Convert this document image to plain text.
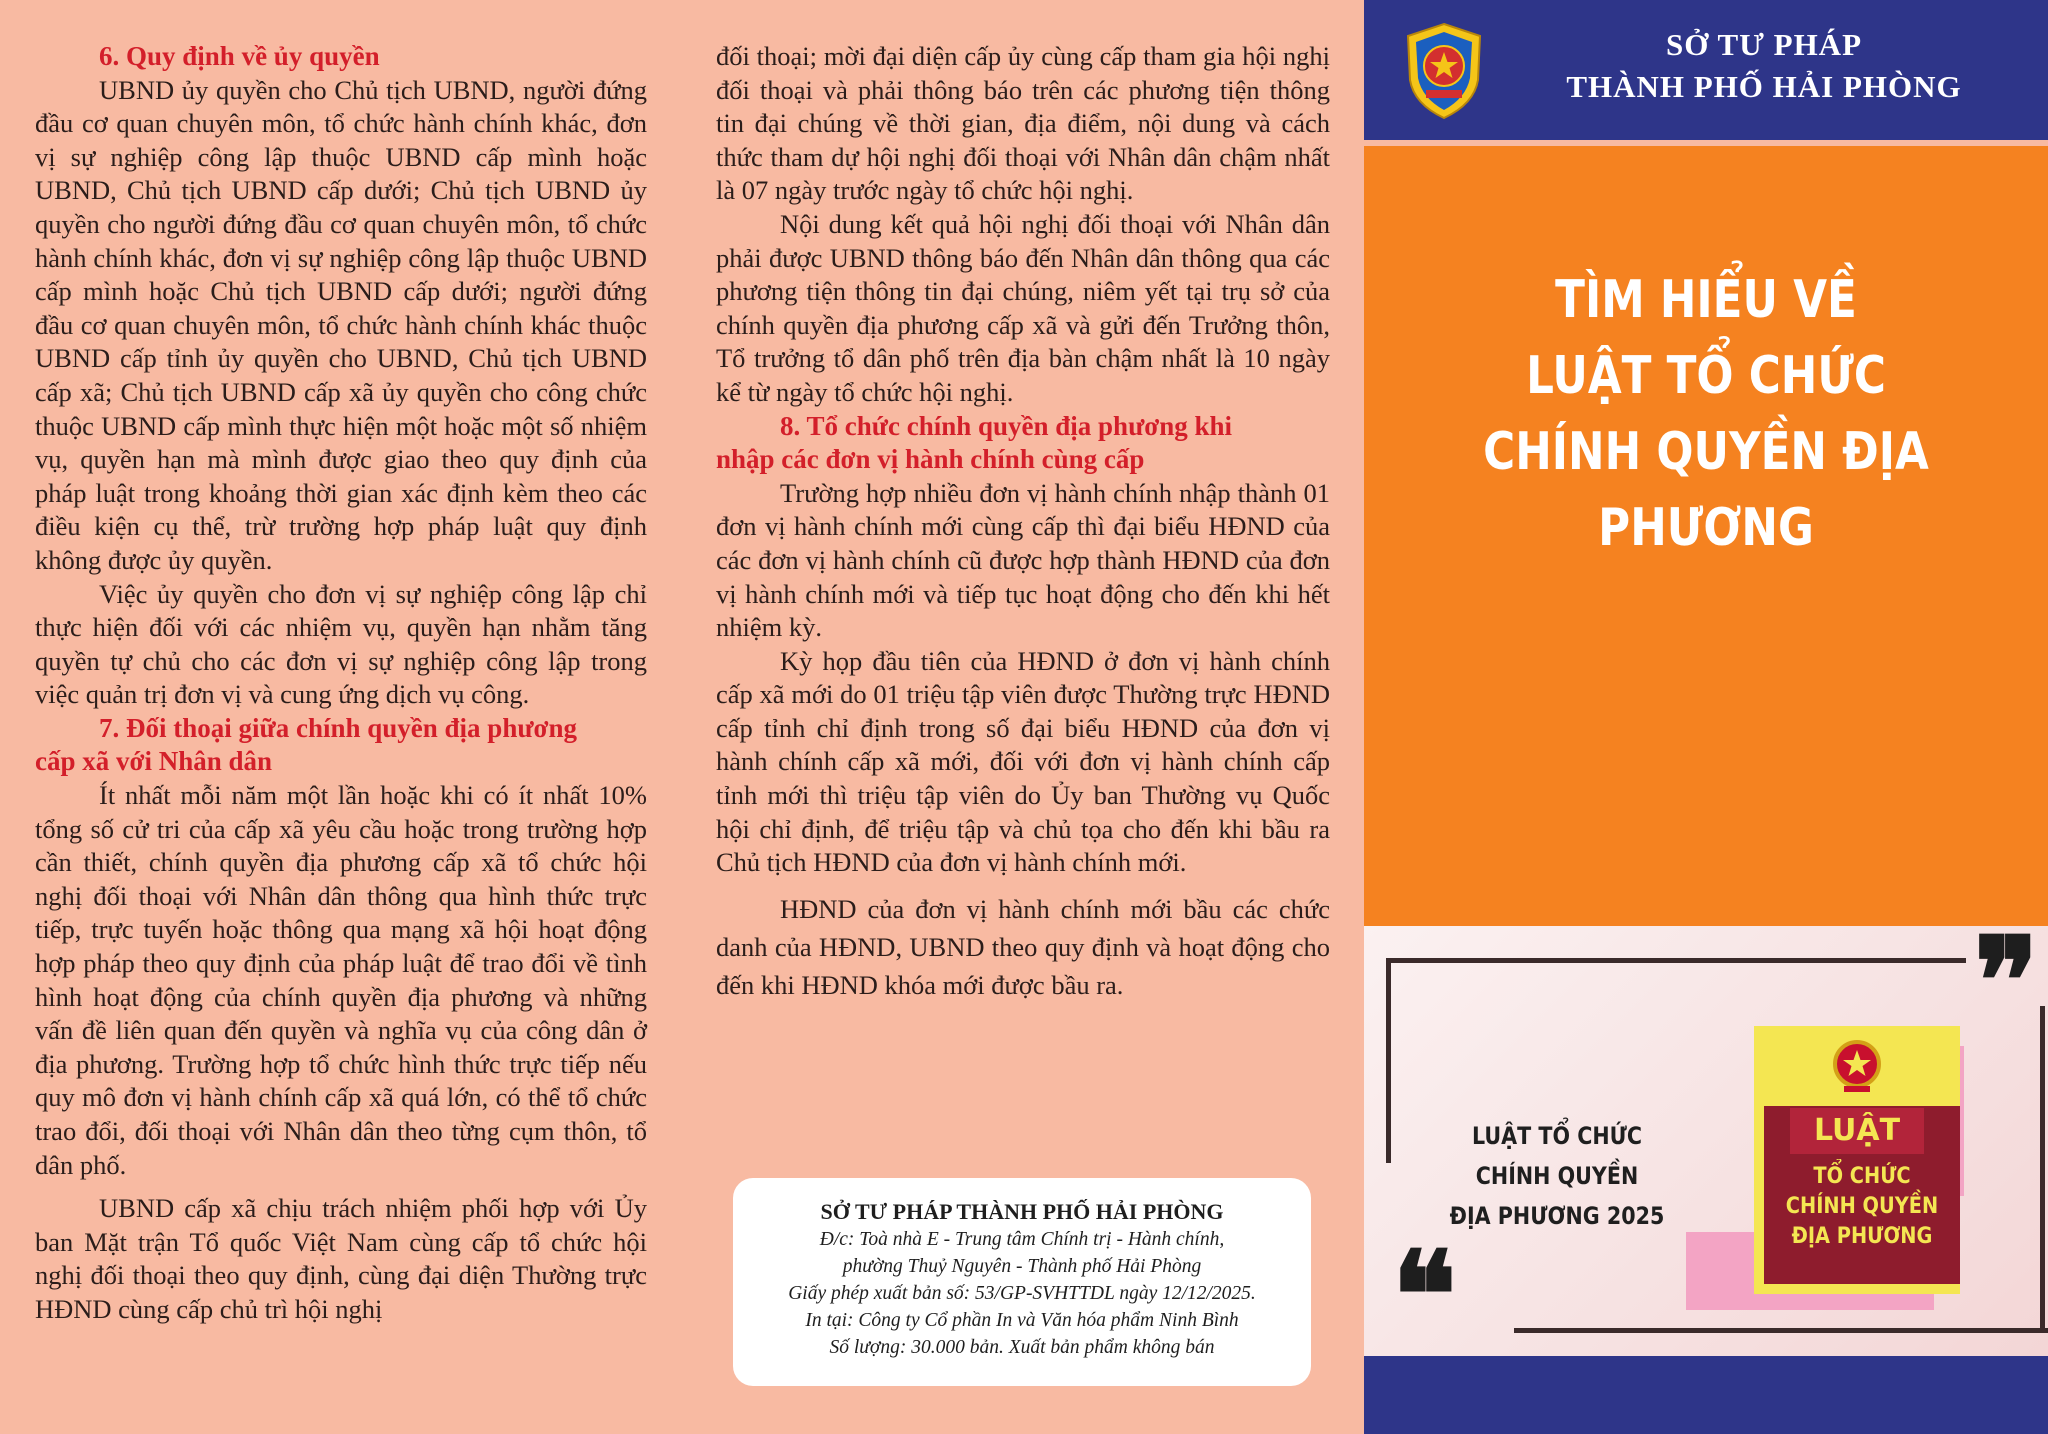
6. Quy định về ủy quyền

UBND ủy quyền cho Chủ tịch UBND, người đứng đầu cơ quan chuyên môn, tổ chức hành chính khác, đơn vị sự nghiệp công lập thuộc UBND cấp mình hoặc UBND, Chủ tịch UBND cấp dưới; Chủ tịch UBND ủy quyền cho người đứng đầu cơ quan chuyên môn, tổ chức hành chính khác, đơn vị sự nghiệp công lập thuộc UBND cấp mình hoặc Chủ tịch UBND cấp dưới; người đứng đầu cơ quan chuyên môn, tổ chức hành chính khác thuộc UBND cấp tỉnh ủy quyền cho UBND, Chủ tịch UBND cấp xã; Chủ tịch UBND cấp xã ủy quyền cho công chức thuộc UBND cấp mình thực hiện một hoặc một số nhiệm vụ, quyền hạn mà mình được giao theo quy định của pháp luật trong khoảng thời gian xác định kèm theo các điều kiện cụ thể, trừ trường hợp pháp luật quy định không được ủy quyền.

Việc ủy quyền cho đơn vị sự nghiệp công lập chỉ thực hiện đối với các nhiệm vụ, quyền hạn nhằm tăng quyền tự chủ cho các đơn vị sự nghiệp công lập trong việc quản trị đơn vị và cung ứng dịch vụ công.

7. Đối thoại giữa chính quyền địa phương
cấp xã với Nhân dân

Ít nhất mỗi năm một lần hoặc khi có ít nhất 10% tổng số cử tri của cấp xã yêu cầu hoặc trong trường hợp cần thiết, chính quyền địa phương cấp xã tổ chức hội nghị đối thoại với Nhân dân thông qua hình thức trực tiếp, trực tuyến hoặc thông qua mạng xã hội hoạt động hợp pháp theo quy định của pháp luật để trao đổi về tình hình hoạt động của chính quyền địa phương và những vấn đề liên quan đến quyền và nghĩa vụ của công dân ở địa phương. Trường hợp tổ chức hình thức trực tiếp nếu quy mô đơn vị hành chính cấp xã quá lớn, có thể tổ chức trao đổi, đối thoại với Nhân dân theo từng cụm thôn, tổ dân phố.

UBND cấp xã chịu trách nhiệm phối hợp với Ủy ban Mặt trận Tổ quốc Việt Nam cùng cấp tổ chức hội nghị đối thoại theo quy định, cùng đại diện Thường trực HĐND cùng cấp chủ trì hội nghị

đối thoại; mời đại diện cấp ủy cùng cấp tham gia hội nghị đối thoại và phải thông báo trên các phương tiện thông tin đại chúng về thời gian, địa điểm, nội dung và cách thức tham dự hội nghị đối thoại với Nhân dân chậm nhất là 07 ngày trước ngày tổ chức hội nghị.

Nội dung kết quả hội nghị đối thoại với Nhân dân phải được UBND thông báo đến Nhân dân thông qua các phương tiện thông tin đại chúng, niêm yết tại trụ sở của chính quyền địa phương cấp xã và gửi đến Trưởng thôn, Tổ trưởng tổ dân phố trên địa bàn chậm nhất là 10 ngày kể từ ngày tổ chức hội nghị.

8. Tổ chức chính quyền địa phương khi
nhập các đơn vị hành chính cùng cấp

Trường hợp nhiều đơn vị hành chính nhập thành 01 đơn vị hành chính mới cùng cấp thì đại biểu HĐND của các đơn vị hành chính cũ được hợp thành HĐND của đơn vị hành chính mới và tiếp tục hoạt động cho đến khi hết nhiệm kỳ.

Kỳ họp đầu tiên của HĐND ở đơn vị hành chính cấp xã mới do 01 triệu tập viên được Thường trực HĐND cấp tỉnh chỉ định trong số đại biểu HĐND của đơn vị hành chính cấp xã mới, đối với đơn vị hành chính cấp tỉnh mới thì triệu tập viên do Ủy ban Thường vụ Quốc hội chỉ định, để triệu tập và chủ tọa cho đến khi bầu ra Chủ tịch HĐND của đơn vị hành chính mới.

HĐND của đơn vị hành chính mới bầu các chức danh của HĐND, UBND theo quy định và hoạt động cho đến khi HĐND khóa mới được bầu ra.

SỞ TƯ PHÁP THÀNH PHỐ HẢI PHÒNG
Đ/c: Toà nhà E - Trung tâm Chính trị - Hành chính,
phường Thuỷ Nguyên - Thành phố Hải Phòng
Giấy phép xuất bản số: 53/GP-SVHTTDL ngày 12/12/2025.
In tại: Công ty Cổ phần In và Văn hóa phẩm Ninh Bình
Số lượng: 30.000 bản. Xuất bản phẩm không bán
SỞ TƯ PHÁP
THÀNH PHỐ HẢI PHÒNG
TÌM HIỂU VỀ
LUẬT TỔ CHỨC
CHÍNH QUYỀN ĐỊA PHƯƠNG
❞
❝
LUẬT TỔ CHỨC CHÍNH QUYỀN
ĐỊA PHƯƠNG 2025
LUẬT
TỔ CHỨC
CHÍNH QUYỀN
ĐỊA PHƯƠNG
